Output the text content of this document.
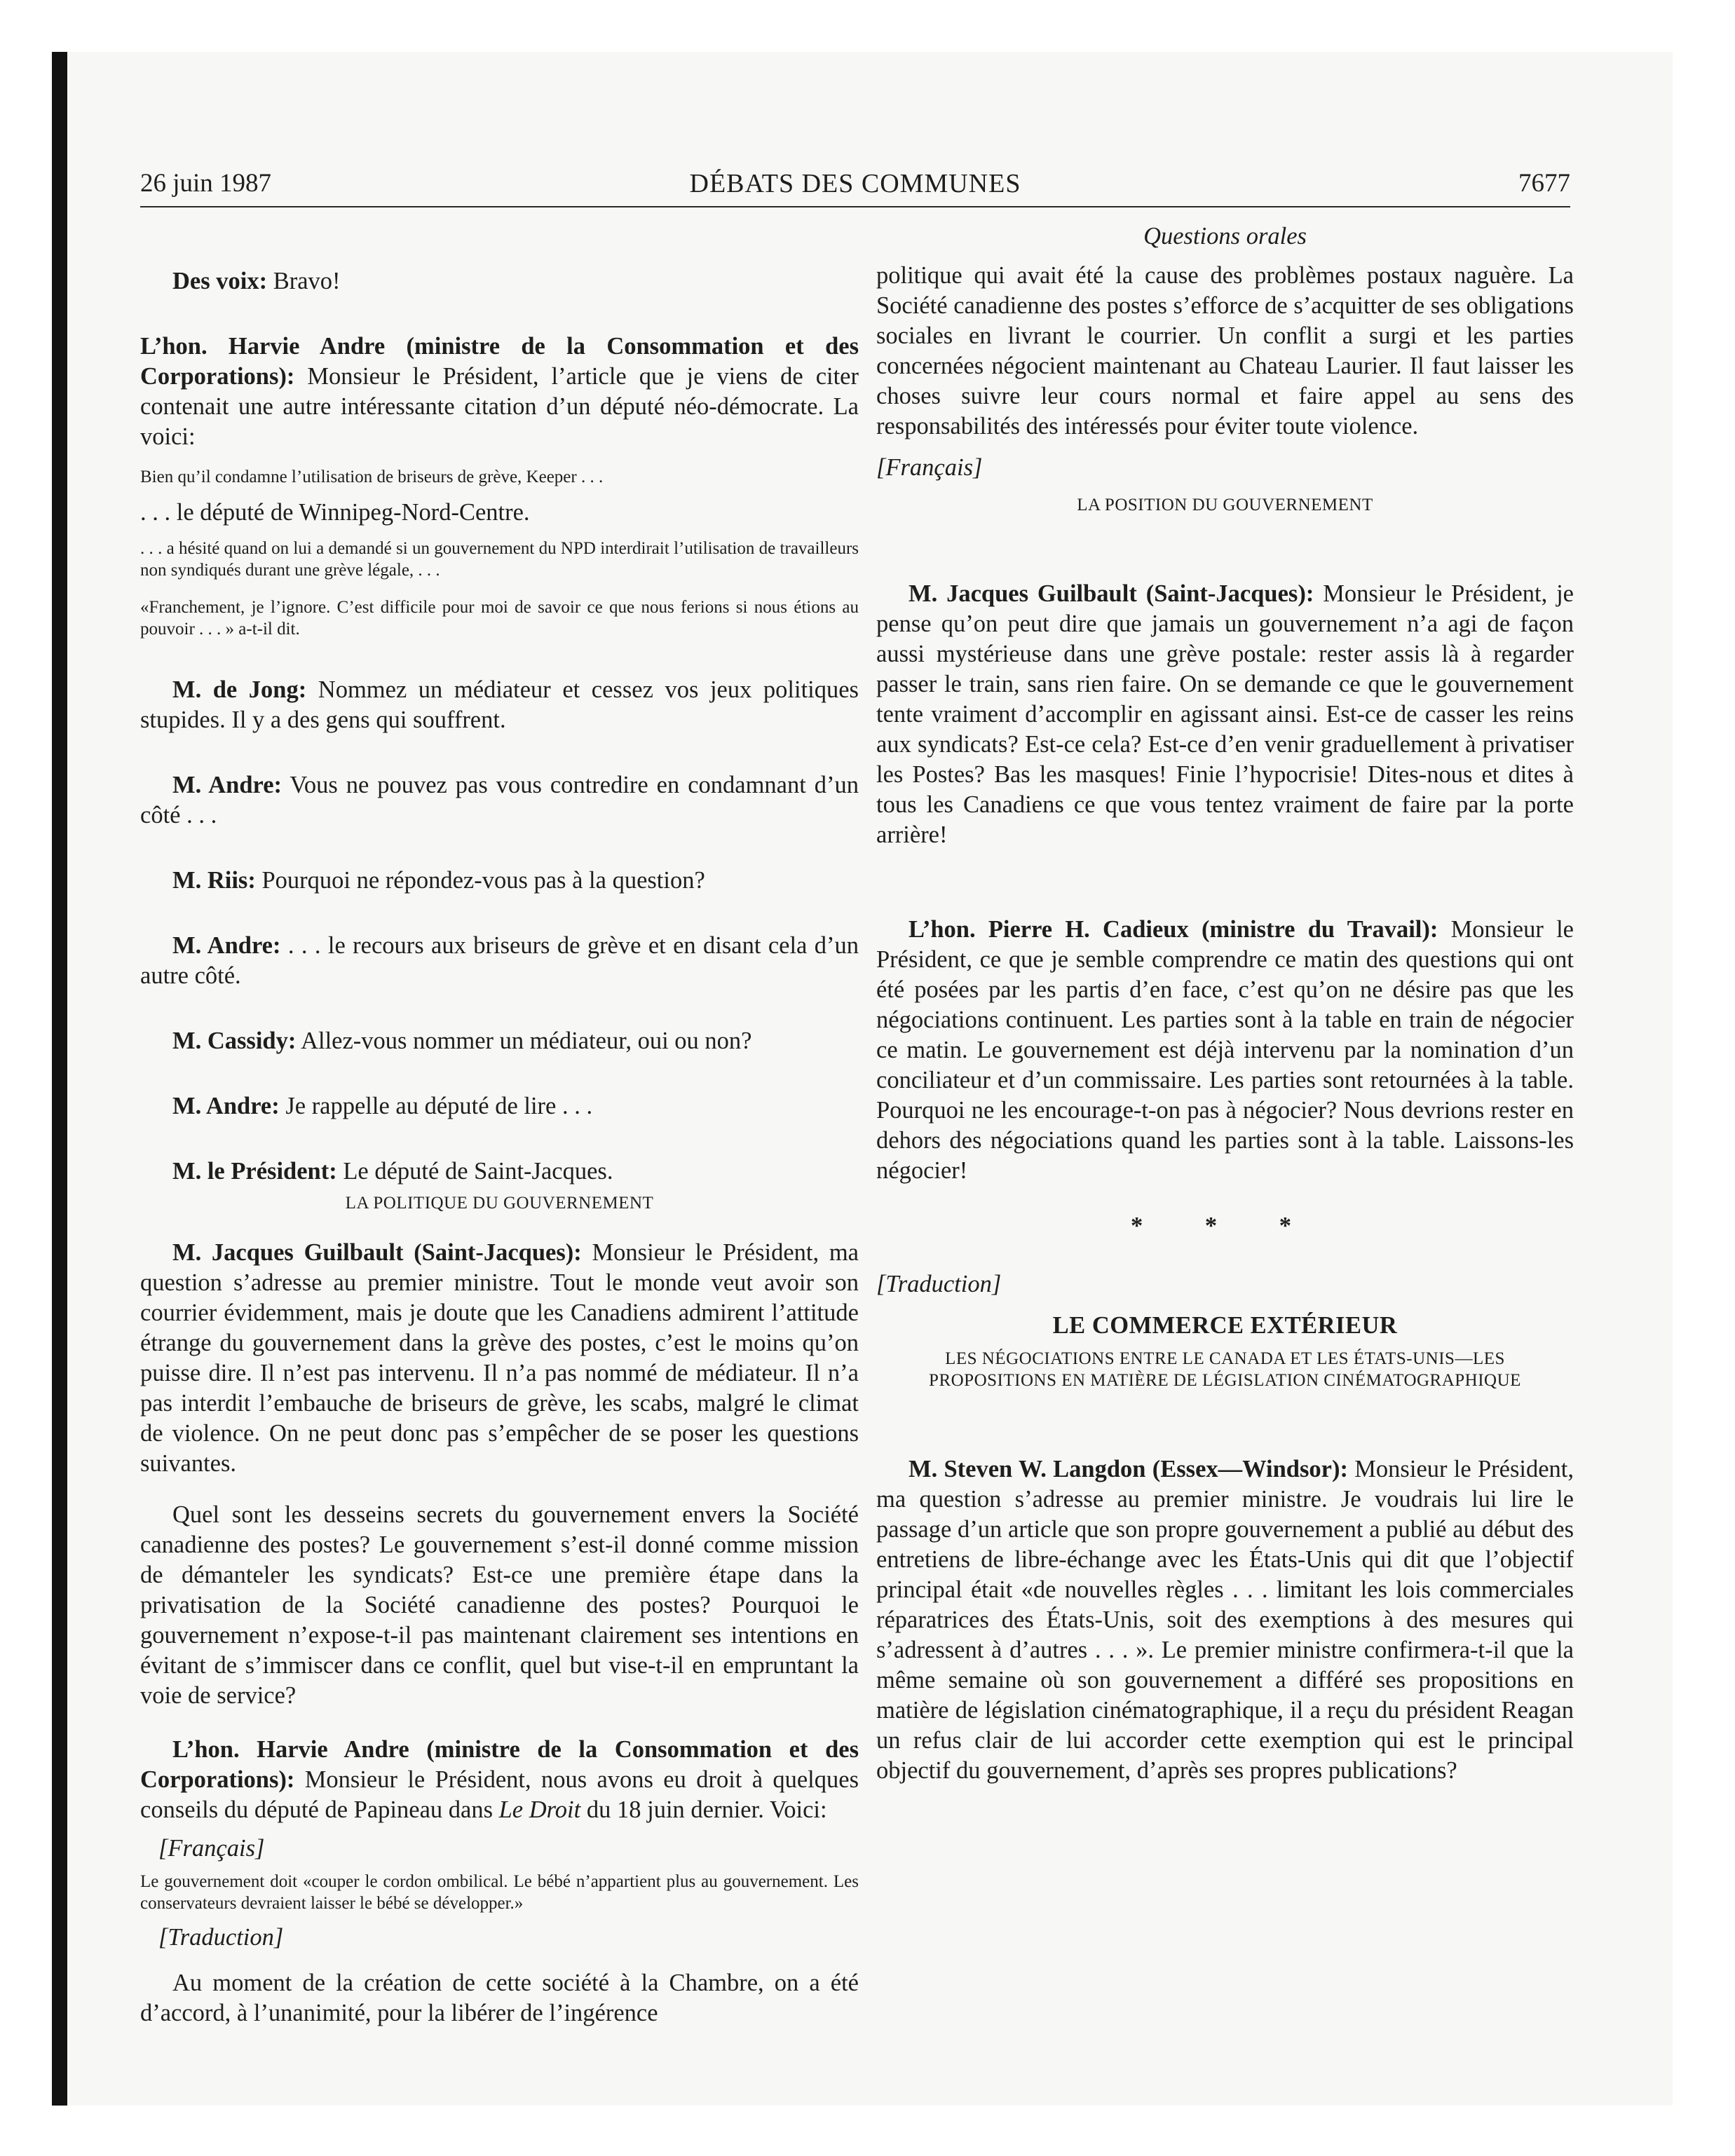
26 juin 1987	DÉBATS DES COMMUNES	7677

Des voix: Bravo!

L’hon. Harvie Andre (ministre de la Consommation et des Corporations): Monsieur le Président, l’article que je viens de citer contenait une autre intéressante citation d’un député néo-démocrate. La voici:

Bien qu’il condamne l’utilisation de briseurs de grève, Keeper . . .

. . . le député de Winnipeg-Nord-Centre.

. . . a hésité quand on lui a demandé si un gouvernement du NPD interdirait l’utilisation de travailleurs non syndiqués durant une grève légale, . . .

«Franchement, je l’ignore. C’est difficile pour moi de savoir ce que nous ferions si nous étions au pouvoir . . . » a-t-il dit.

M. de Jong: Nommez un médiateur et cessez vos jeux politiques stupides. Il y a des gens qui souffrent.

M. Andre: Vous ne pouvez pas vous contredire en condamnant d’un côté . . .

M. Riis: Pourquoi ne répondez-vous pas à la question?

M. Andre: . . . le recours aux briseurs de grève et en disant cela d’un autre côté.

M. Cassidy: Allez-vous nommer un médiateur, oui ou non?

M. Andre: Je rappelle au député de lire . . .

M. le Président: Le député de Saint-Jacques.

LA POLITIQUE DU GOUVERNEMENT

M. Jacques Guilbault (Saint-Jacques): Monsieur le Président, ma question s’adresse au premier ministre. Tout le monde veut avoir son courrier évidemment, mais je doute que les Canadiens admirent l’attitude étrange du gouvernement dans la grève des postes, c’est le moins qu’on puisse dire. Il n’est pas intervenu. Il n’a pas nommé de médiateur. Il n’a pas interdit l’embauche de briseurs de grève, les scabs, malgré le climat de violence. On ne peut donc pas s’empêcher de se poser les questions suivantes.

Quel sont les desseins secrets du gouvernement envers la Société canadienne des postes? Le gouvernement s’est-il donné comme mission de démanteler les syndicats? Est-ce une première étape dans la privatisation de la Société canadienne des postes? Pourquoi le gouvernement n’expose-t-il pas maintenant clairement ses intentions en évitant de s’immiscer dans ce conflit, quel but vise-t-il en empruntant la voie de service?

L’hon. Harvie Andre (ministre de la Consommation et des Corporations): Monsieur le Président, nous avons eu droit à quelques conseils du député de Papineau dans Le Droit du 18 juin dernier. Voici:

[Français]

Le gouvernement doit «couper le cordon ombilical. Le bébé n’appartient plus au gouvernement. Les conservateurs devraient laisser le bébé se développer.»

[Traduction]

Au moment de la création de cette société à la Chambre, on a été d’accord, à l’unanimité, pour la libérer de l’ingérence

Questions orales

politique qui avait été la cause des problèmes postaux naguère. La Société canadienne des postes s’efforce de s’acquitter de ses obligations sociales en livrant le courrier. Un conflit a surgi et les parties concernées négocient maintenant au Chateau Laurier. Il faut laisser les choses suivre leur cours normal et faire appel au sens des responsabilités des intéressés pour éviter toute violence.

[Français]

LA POSITION DU GOUVERNEMENT

M. Jacques Guilbault (Saint-Jacques): Monsieur le Président, je pense qu’on peut dire que jamais un gouvernement n’a agi de façon aussi mystérieuse dans une grève postale: rester assis là à regarder passer le train, sans rien faire. On se demande ce que le gouvernement tente vraiment d’accomplir en agissant ainsi. Est-ce de casser les reins aux syndicats? Est-ce cela? Est-ce d’en venir graduellement à privatiser les Postes? Bas les masques! Finie l’hypocrisie! Dites-nous et dites à tous les Canadiens ce que vous tentez vraiment de faire par la porte arrière!

L’hon. Pierre H. Cadieux (ministre du Travail): Monsieur le Président, ce que je semble comprendre ce matin des questions qui ont été posées par les partis d’en face, c’est qu’on ne désire pas que les négociations continuent. Les parties sont à la table en train de négocier ce matin. Le gouvernement est déjà intervenu par la nomination d’un conciliateur et d’un commissaire. Les parties sont retournées à la table. Pourquoi ne les encourage-t-on pas à négocier? Nous devrions rester en dehors des négociations quand les parties sont à la table. Laissons-les négocier!

* * *

[Traduction]

LE COMMERCE EXTÉRIEUR

LES NÉGOCIATIONS ENTRE LE CANADA ET LES ÉTATS-UNIS—LES PROPOSITIONS EN MATIÈRE DE LÉGISLATION CINÉMATOGRAPHIQUE

M. Steven W. Langdon (Essex—Windsor): Monsieur le Président, ma question s’adresse au premier ministre. Je voudrais lui lire le passage d’un article que son propre gouvernement a publié au début des entretiens de libre-échange avec les États-Unis qui dit que l’objectif principal était «de nouvelles règles . . . limitant les lois commerciales réparatrices des États-Unis, soit des exemptions à des mesures qui s’adressent à d’autres . . . ». Le premier ministre confirmera-t-il que la même semaine où son gouvernement a différé ses propositions en matière de législation cinématographique, il a reçu du président Reagan un refus clair de lui accorder cette exemption qui est le principal objectif du gouvernement, d’après ses propres publications?
